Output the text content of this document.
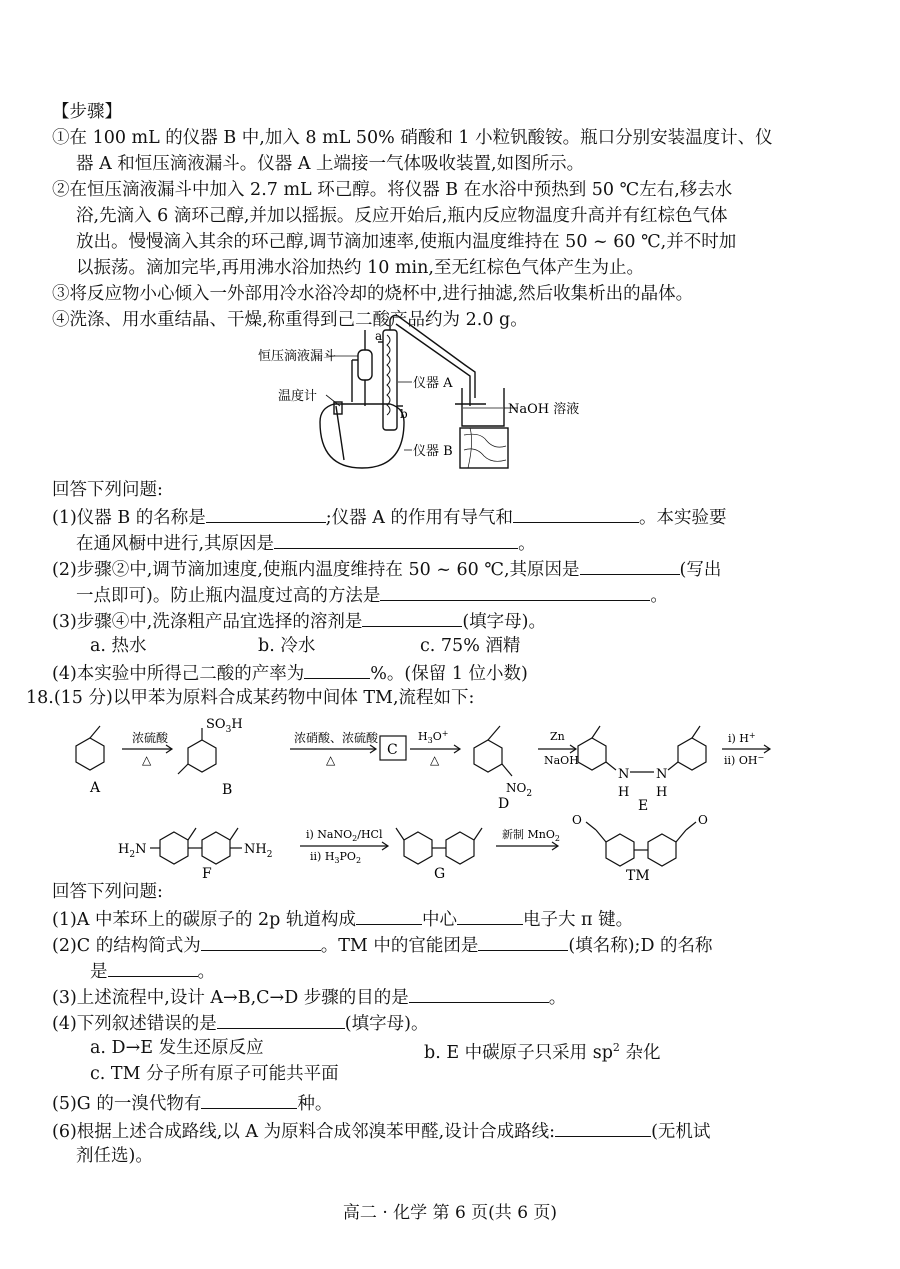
【步骤】
①在 100 mL 的仪器 B 中,加入 8 mL 50% 硝酸和 1 小粒钒酸铵。瓶口分别安装温度计、仪
器 A 和恒压滴液漏斗。仪器 A 上端接一气体吸收装置,如图所示。
②在恒压滴液漏斗中加入 2.7 mL 环己醇。将仪器 B 在水浴中预热到 50 ℃左右,移去水
浴,先滴入 6 滴环己醇,并加以摇振。反应开始后,瓶内反应物温度升高并有红棕色气体
放出。慢慢滴入其余的环己醇,调节滴加速率,使瓶内温度维持在 50 ~ 60 ℃,并不时加
以振荡。滴加完毕,再用沸水浴加热约 10 min,至无红棕色气体产生为止。
③将反应物小心倾入一外部用冷水浴冷却的烧杯中,进行抽滤,然后收集析出的晶体。
④洗涤、用水重结晶、干燥,称重得到己二酸产品约为 2.0 g。
恒压滴液漏斗
温度计
仪器 A
仪器 B
a
b	NaOH 溶液
回答下列问题:
(1)仪器 B 的名称是	;仪器 A 的作用有导气和	。本实验要
在通风橱中进行,其原因是	。
(2)步骤②中,调节滴加速度,使瓶内温度维持在 50 ~ 60 ℃,其原因是	(写出
一点即可)。防止瓶内温度过高的方法是	。
(3)步骤④中,洗涤粗产品宜选择的溶剂是	(填字母)。
a. 热水	b. 冷水	c. 75% 酒精
(4)本实验中所得己二酸的产率为	%。(保留 1 位小数)
18.(15 分)以甲苯为原料合成某药物中间体 TM,流程如下:
A
浓硫酸
△
$SO_3H$
B
浓硝酸、浓硫酸
△
C
$H_3O^+$
△
$NO_2$
D
Zn
NaOH
N N
H H
E
i) H+
ii) OH−
$H_2N$	$NH_2$
F
i) NaNO$_2$/HCl
ii) $H_3PO_2$
G
新制 MnO$_2$
O	O
TM
回答下列问题:
(1)A 中苯环上的碳原子的 2p 轨道构成	中心	电子大 π 键。
(2)C 的结构简式为	。TM 中的官能团是	(填名称);D 的名称
是	。
(3)上述流程中,设计 A→B,C→D 步骤的目的是	。
(4)下列叙述错误的是	(填字母)。
a. D→E 发生还原反应	b. E 中碳原子只采用 $sp^2$ 杂化
c. TM 分子所有原子可能共平面
(5)G 的一溴代物有	种。
(6)根据上述合成路线,以 A 为原料合成邻溴苯甲醛,设计合成路线:	(无机试
剂任选)。
高二 · 化学 第 6 页(共 6 页)
